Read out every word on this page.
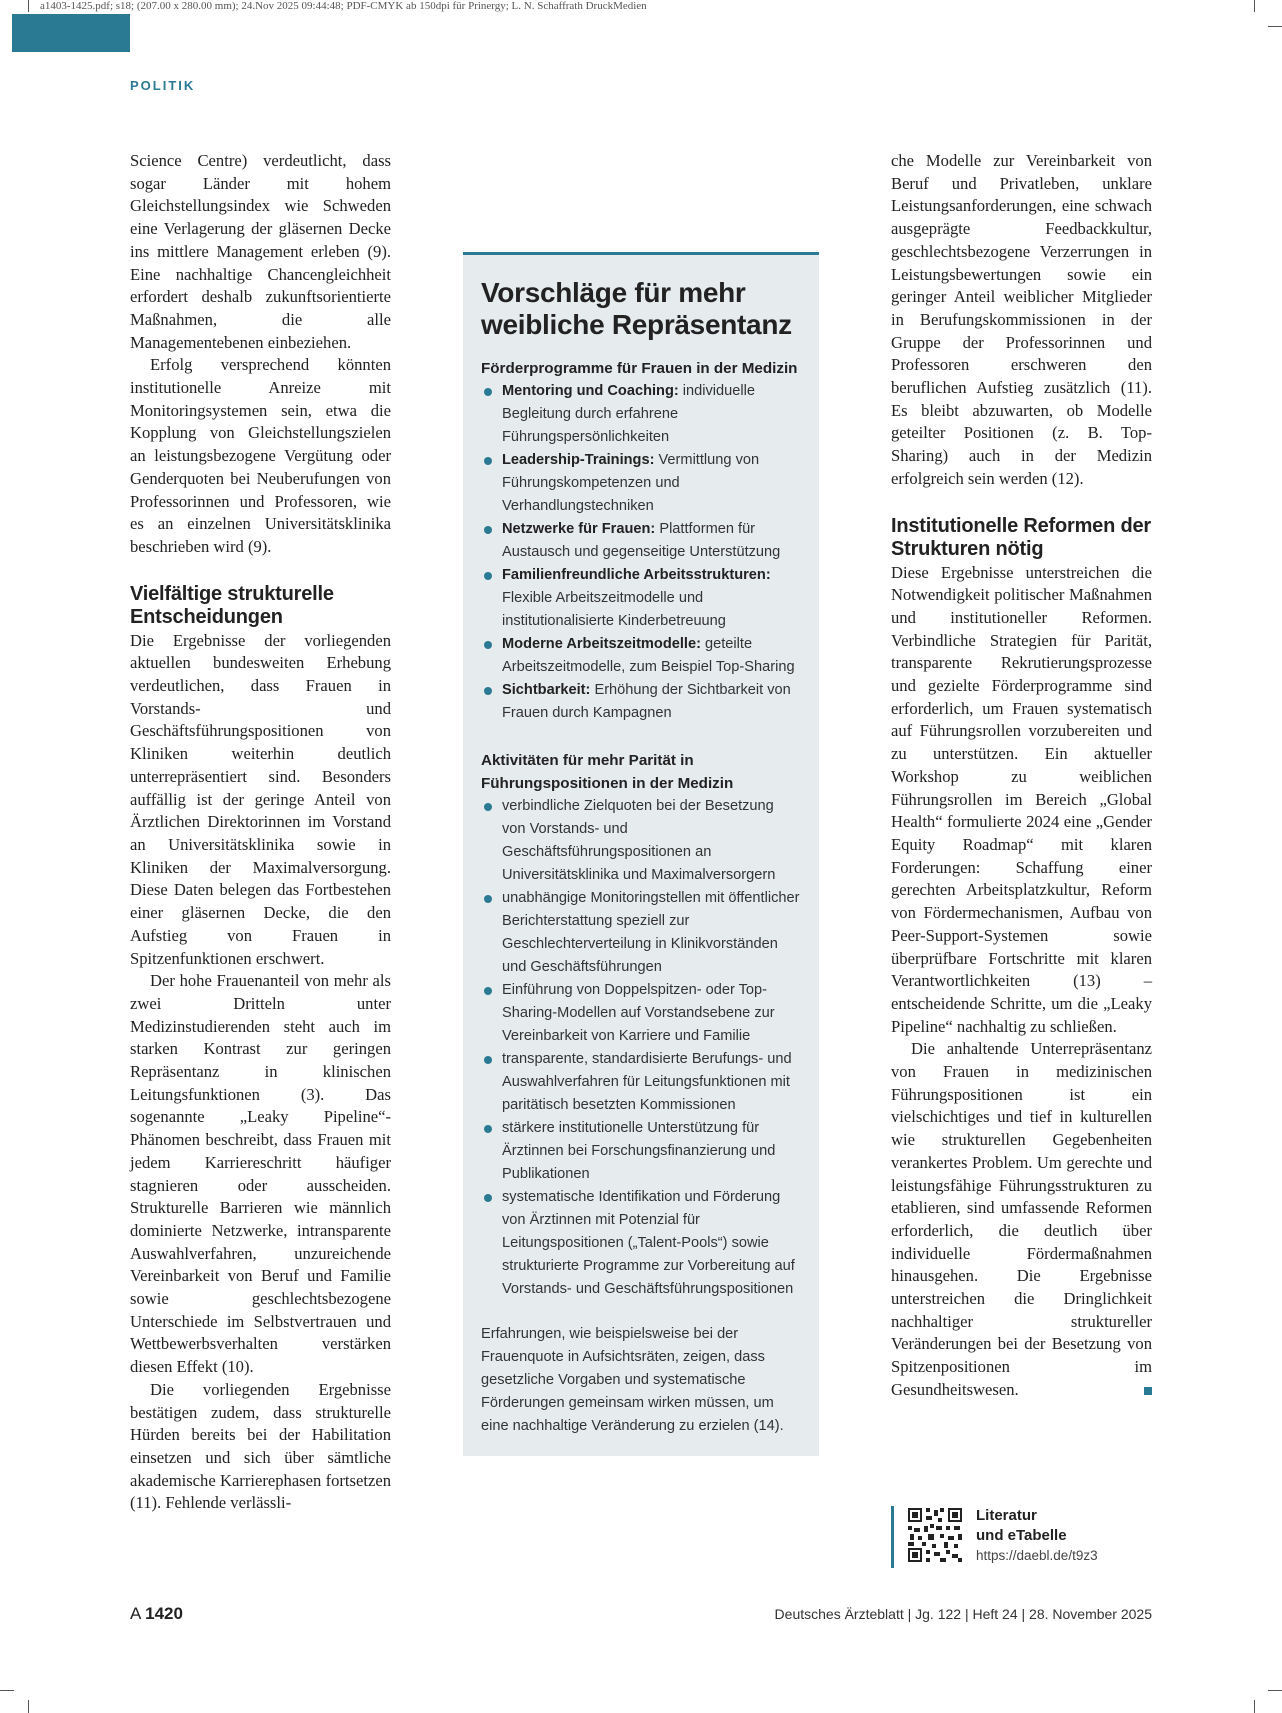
a1403-1425.pdf; s18; (207.00 x 280.00 mm); 24.Nov 2025 09:44:48; PDF-CMYK ab 150dpi für Prinergy; L. N. Schaffrath DruckMedien
POLITIK

Science Centre) verdeutlicht, dass sogar Länder mit hohem Gleichstellungsindex wie Schweden eine Verlagerung der gläsernen Decke ins mittlere Management erleben (9). Eine nachhaltige Chancengleichheit erfordert deshalb zukunftsorientierte Maßnahmen, die alle Managementebenen einbeziehen.

Erfolg versprechend könnten institutionelle Anreize mit Monitoringsystemen sein, etwa die Kopplung von Gleichstellungszielen an leistungsbezogene Vergütung oder Genderquoten bei Neuberufungen von Professorinnen und Professoren, wie es an einzelnen Universitätsklinika beschrieben wird (9).

Vielfältige strukturelle Entscheidungen

Die Ergebnisse der vorliegenden aktuellen bundesweiten Erhebung verdeutlichen, dass Frauen in Vorstands- und Geschäftsführungspositionen von Kliniken weiterhin deutlich unterrepräsentiert sind. Besonders auffällig ist der geringe Anteil von Ärztlichen Direktorinnen im Vorstand an Universitätsklinika sowie in Kliniken der Maximalversorgung. Diese Daten belegen das Fortbestehen einer gläsernen Decke, die den Aufstieg von Frauen in Spitzenfunktionen erschwert.

Der hohe Frauenanteil von mehr als zwei Dritteln unter Medizinstudierenden steht auch im starken Kontrast zur geringen Repräsentanz in klinischen Leitungsfunktionen (3). Das sogenannte „Leaky Pipeline“-Phänomen beschreibt, dass Frauen mit jedem Karriereschritt häufiger stagnieren oder ausscheiden. Strukturelle Barrieren wie männlich dominierte Netzwerke, intransparente Auswahlverfahren, unzureichende Vereinbarkeit von Beruf und Familie sowie geschlechtsbezogene Unterschiede im Selbstvertrauen und Wettbewerbsverhalten verstärken diesen Effekt (10).

Die vorliegenden Ergebnisse bestätigen zudem, dass strukturelle Hürden bereits bei der Habilitation einsetzen und sich über sämtliche akademische Karrierephasen fortsetzen (11). Fehlende verlässli-

Vorschläge für mehr weibliche Repräsentanz
Förderprogramme für Frauen in der Medizin
Mentoring und Coaching: individuelle Begleitung durch erfahrene Führungspersönlichkeiten
Leadership-Trainings: Vermittlung von Führungskompetenzen und Verhandlungstechniken
Netzwerke für Frauen: Plattformen für Austausch und gegenseitige Unterstützung
Familienfreundliche Arbeitsstrukturen: Flexible Arbeitszeitmodelle und institutionalisierte Kinderbetreuung
Moderne Arbeitszeitmodelle: geteilte Arbeitszeitmodelle, zum Beispiel Top-Sharing
Sichtbarkeit: Erhöhung der Sichtbarkeit von Frauen durch Kampagnen
Aktivitäten für mehr Parität in Führungspositionen in der Medizin
verbindliche Zielquoten bei der Besetzung von Vorstands- und Geschäftsführungspositionen an Universitätsklinika und Maximalversorgern
unabhängige Monitoringstellen mit öffentlicher Berichterstattung speziell zur Geschlechterverteilung in Klinikvorständen und Geschäftsführungen
Einführung von Doppelspitzen- oder Top-Sharing-Modellen auf Vorstandsebene zur Vereinbarkeit von Karriere und Familie
transparente, standardisierte Berufungs- und Auswahlverfahren für Leitungsfunktionen mit paritätisch besetzten Kommissionen
stärkere institutionelle Unterstützung für Ärztinnen bei Forschungsfinanzierung und Publikationen
systematische Identifikation und Förderung von Ärztinnen mit Potenzial für Leitungspositionen („Talent-Pools“) sowie strukturierte Programme zur Vorbereitung auf Vorstands- und Geschäftsführungspositionen

Erfahrungen, wie beispielsweise bei der Frauenquote in Aufsichtsräten, zeigen, dass gesetzliche Vorgaben und systematische Förderungen gemeinsam wirken müssen, um eine nachhaltige Veränderung zu erzielen (14).

che Modelle zur Vereinbarkeit von Beruf und Privatleben, unklare Leistungsanforderungen, eine schwach ausgeprägte Feedbackkultur, geschlechtsbezogene Verzerrungen in Leistungsbewertungen sowie ein geringer Anteil weiblicher Mitglieder in Berufungskommissionen in der Gruppe der Professorinnen und Professoren erschweren den beruflichen Aufstieg zusätzlich (11). Es bleibt abzuwarten, ob Modelle geteilter Positionen (z. B. Top-Sharing) auch in der Medizin erfolgreich sein werden (12).

Institutionelle Reformen der Strukturen nötig

Diese Ergebnisse unterstreichen die Notwendigkeit politischer Maßnahmen und institutioneller Reformen. Verbindliche Strategien für Parität, transparente Rekrutierungsprozesse und gezielte Förderprogramme sind erforderlich, um Frauen systematisch auf Führungsrollen vorzubereiten und zu unterstützen. Ein aktueller Workshop zu weiblichen Führungsrollen im Bereich „Global Health“ formulierte 2024 eine „Gender Equity Roadmap“ mit klaren Forderungen: Schaffung einer gerechten Arbeitsplatzkultur, Reform von Fördermechanismen, Aufbau von Peer-Support-Systemen sowie überprüfbare Fortschritte mit klaren Verantwortlichkeiten (13) – entscheidende Schritte, um die „Leaky Pipeline“ nachhaltig zu schließen.

Die anhaltende Unterrepräsentanz von Frauen in medizinischen Führungspositionen ist ein vielschichtiges und tief in kulturellen wie strukturellen Gegebenheiten verankertes Problem. Um gerechte und leistungsfähige Führungsstrukturen zu etablieren, sind umfassende Reformen erforderlich, die deutlich über individuelle Fördermaßnahmen hinausgehen. Die Ergebnisse unterstreichen die Dringlichkeit nachhaltiger struktureller Veränderungen bei der Besetzung von Spitzenpositionen im Gesundheitswesen.

Literatur
und eTabelle
https://daebl.de/t9z3
A 1420	Deutsches Ärzteblatt | Jg. 122 | Heft 24 | 28. November 2025
